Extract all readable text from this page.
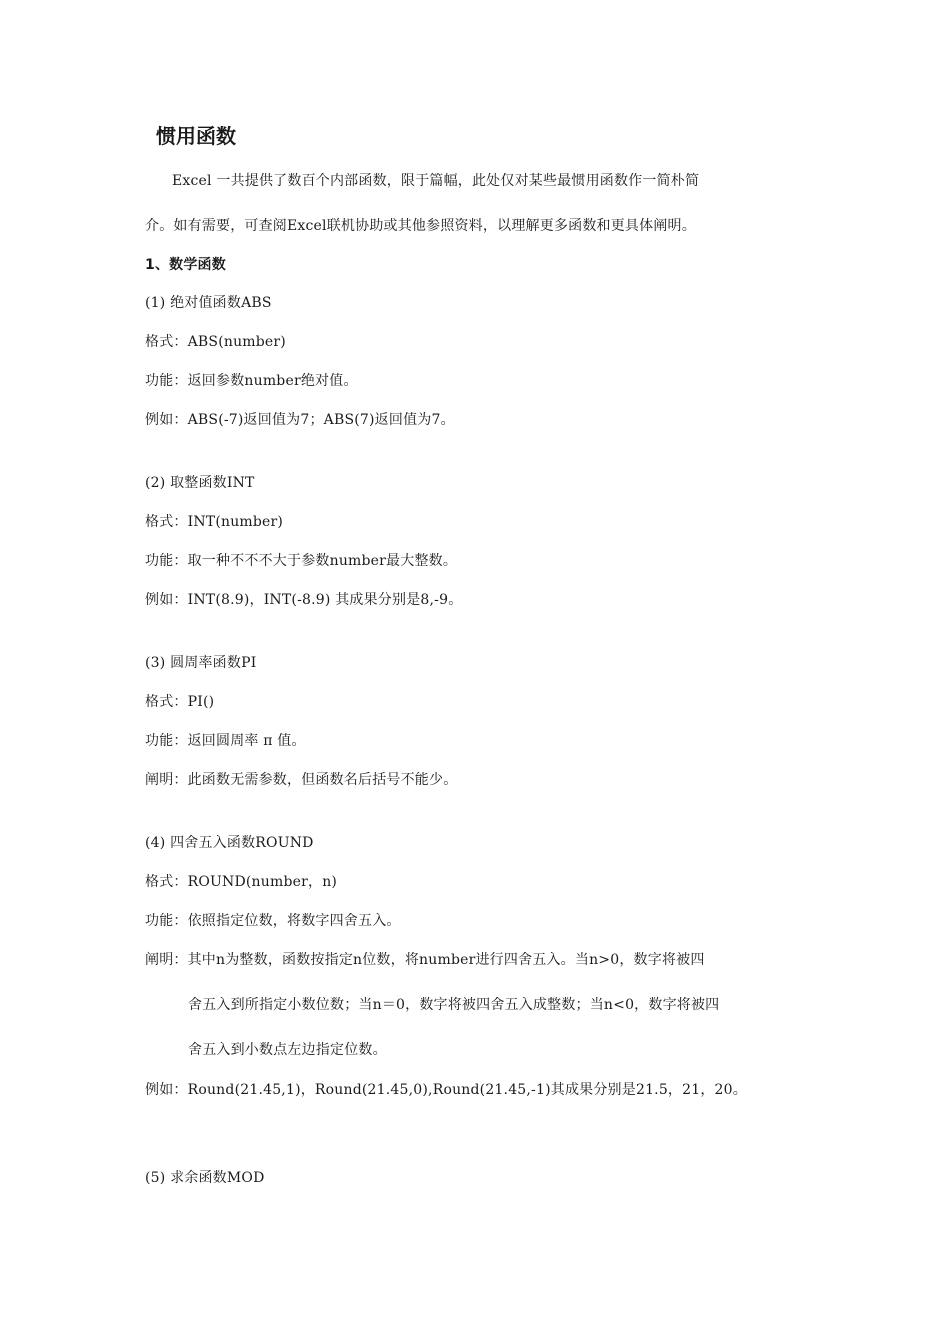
惯用函数
Excel 一共提供了数百个内部函数，限于篇幅，此处仅对某些最惯用函数作一简朴简
介。如有需要，可查阅Excel联机协助或其他参照资料，以理解更多函数和更具体阐明。
1、数学函数
(1) 绝对值函数ABS
格式：ABS(number)
功能：返回参数number绝对值。
例如：ABS(-7)返回值为7；ABS(7)返回值为7。
(2) 取整函数INT
格式：INT(number)
功能：取一种不不不大于参数number最大整数。
例如：INT(8.9)，INT(-8.9) 其成果分别是8,-9。
(3) 圆周率函数PI
格式：PI()
功能：返回圆周率 π 值。
阐明：此函数无需参数，但函数名后括号不能少。
(4) 四舍五入函数ROUND
格式：ROUND(number，n)
功能：依照指定位数，将数字四舍五入。
阐明：其中n为整数，函数按指定n位数，将number进行四舍五入。当n>0，数字将被四
舍五入到所指定小数位数；当n＝0，数字将被四舍五入成整数；当n<0，数字将被四
舍五入到小数点左边指定位数。
例如：Round(21.45,1)，Round(21.45,0),Round(21.45,-1)其成果分别是21.5，21，20。
(5) 求余函数MOD
